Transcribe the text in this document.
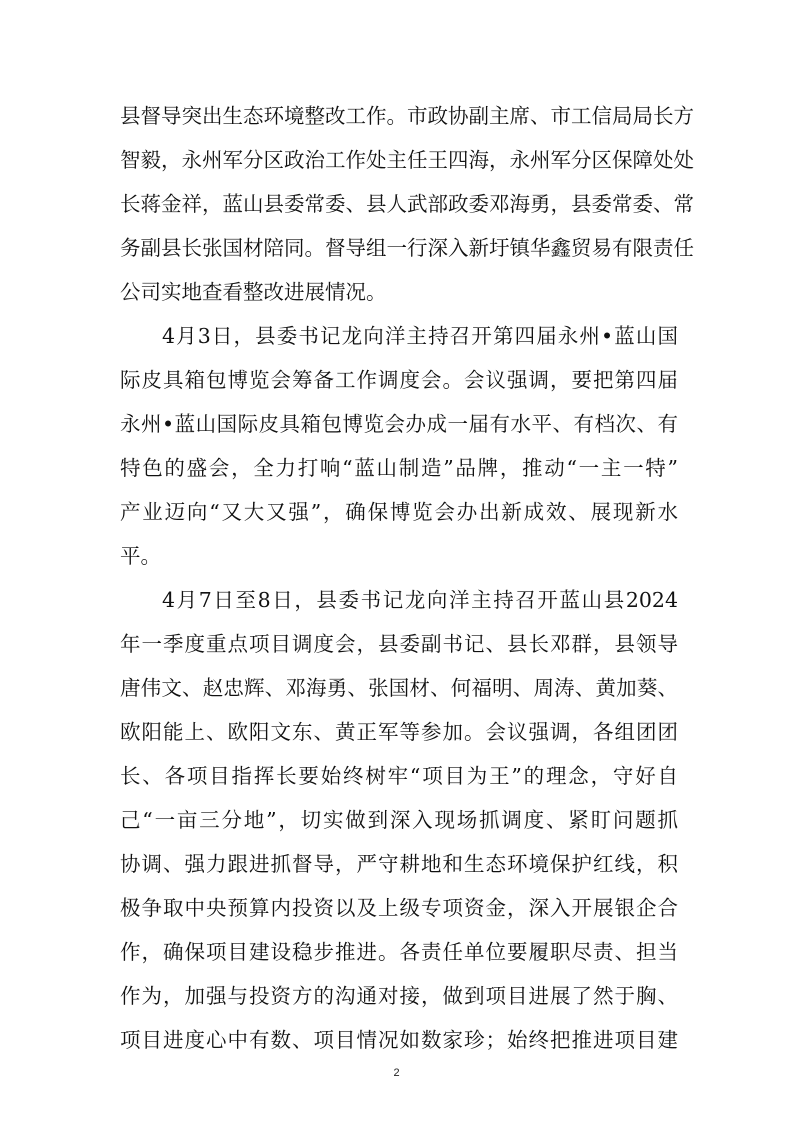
县督导突出生态环境整改工作。市政协副主席、市工信局局长方
智毅，永州军分区政治工作处主任王四海，永州军分区保障处处
长蒋金祥，蓝山县委常委、县人武部政委邓海勇，县委常委、常
务副县长张国材陪同。督导组一行深入新圩镇华鑫贸易有限责任
公司实地查看整改进展情况。
4月3日，县委书记龙向洋主持召开第四届永州•蓝山国
际皮具箱包博览会筹备工作调度会。会议强调，要把第四届
永州•蓝山国际皮具箱包博览会办成一届有水平、有档次、有
特色的盛会，全力打响“蓝山制造”品牌，推动“一主一特”
产业迈向“又大又强”，确保博览会办出新成效、展现新水
平。
4月7日至8日，县委书记龙向洋主持召开蓝山县2024
年一季度重点项目调度会，县委副书记、县长邓群，县领导
唐伟文、赵忠辉、邓海勇、张国材、何福明、周涛、黄加葵、
欧阳能上、欧阳文东、黄正军等参加。会议强调，各组团团
长、各项目指挥长要始终树牢“项目为王”的理念，守好自
己“一亩三分地”，切实做到深入现场抓调度、紧盯问题抓
协调、强力跟进抓督导，严守耕地和生态环境保护红线，积
极争取中央预算内投资以及上级专项资金，深入开展银企合
作，确保项目建设稳步推进。各责任单位要履职尽责、担当
作为，加强与投资方的沟通对接，做到项目进展了然于胸、
项目进度心中有数、项目情况如数家珍；始终把推进项目建
2
